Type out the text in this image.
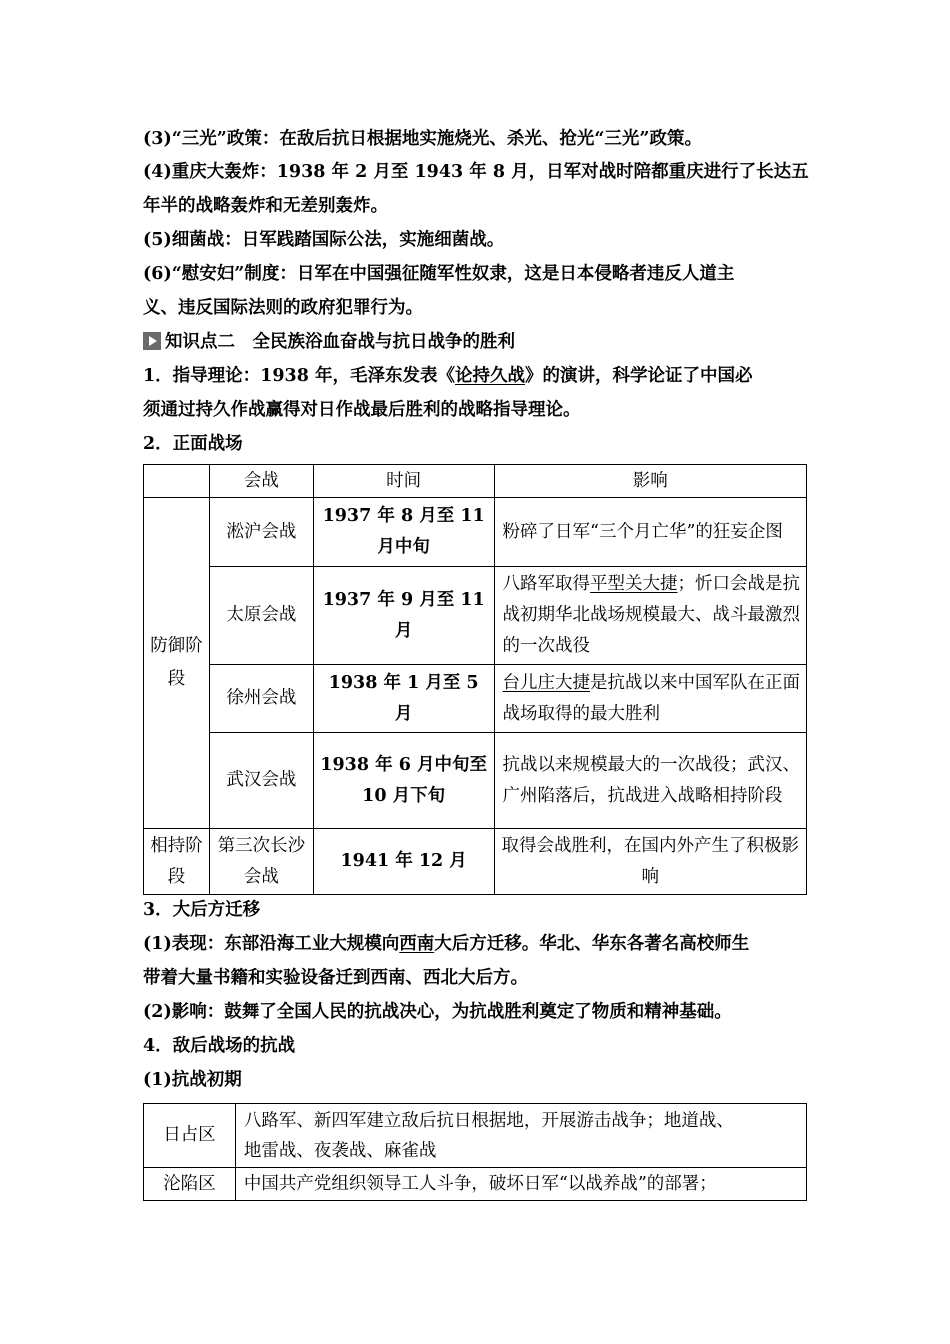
(3)“三光”政策：在敌后抗日根据地实施烧光、杀光、抢光“三光”政策。
(4)重庆大轰炸：1938 年 2 月至 1943 年 8 月，日军对战时陪都重庆进行了长达五
年半的战略轰炸和无差别轰炸。
(5)细菌战：日军践踏国际公法，实施细菌战。
(6)“慰安妇”制度：日军在中国强征随军性奴隶，这是日本侵略者违反人道主
义、违反国际法则的政府犯罪行为。
知识点二　全民族浴血奋战与抗日战争的胜利
1．指导理论：1938 年，毛泽东发表《论持久战》的演讲，科学论证了中国必
须通过持久作战赢得对日作战最后胜利的战略指导理论。
2．正面战场
	会战	时间	影响
防御阶段	淞沪会战	1937 年 8 月至 11 月中旬	粉碎了日军“三个月亡华”的狂妄企图
	太原会战	1937 年 9 月至 11 月	八路军取得平型关大捷；忻口会战是抗战初期华北战场规模最大、战斗最激烈的一次战役
	徐州会战	1938 年 1 月至 5 月	台儿庄大捷是抗战以来中国军队在正面战场取得的最大胜利
	武汉会战	1938 年 6 月中旬至 10 月下旬	抗战以来规模最大的一次战役；武汉、广州陷落后，抗战进入战略相持阶段
相持阶段	第三次长沙会战	1941 年 12 月	取得会战胜利，在国内外产生了积极影响
3．大后方迁移
(1)表现：东部沿海工业大规模向西南大后方迁移。华北、华东各著名高校师生
带着大量书籍和实验设备迁到西南、西北大后方。
(2)影响：鼓舞了全国人民的抗战决心，为抗战胜利奠定了物质和精神基础。
4．敌后战场的抗战
(1)抗战初期
日占区	八路军、新四军建立敌后抗日根据地，开展游击战争；地道战、
地雷战、夜袭战、麻雀战

沦陷区	中国共产党组织领导工人斗争，破坏日军“以战养战”的部署；
